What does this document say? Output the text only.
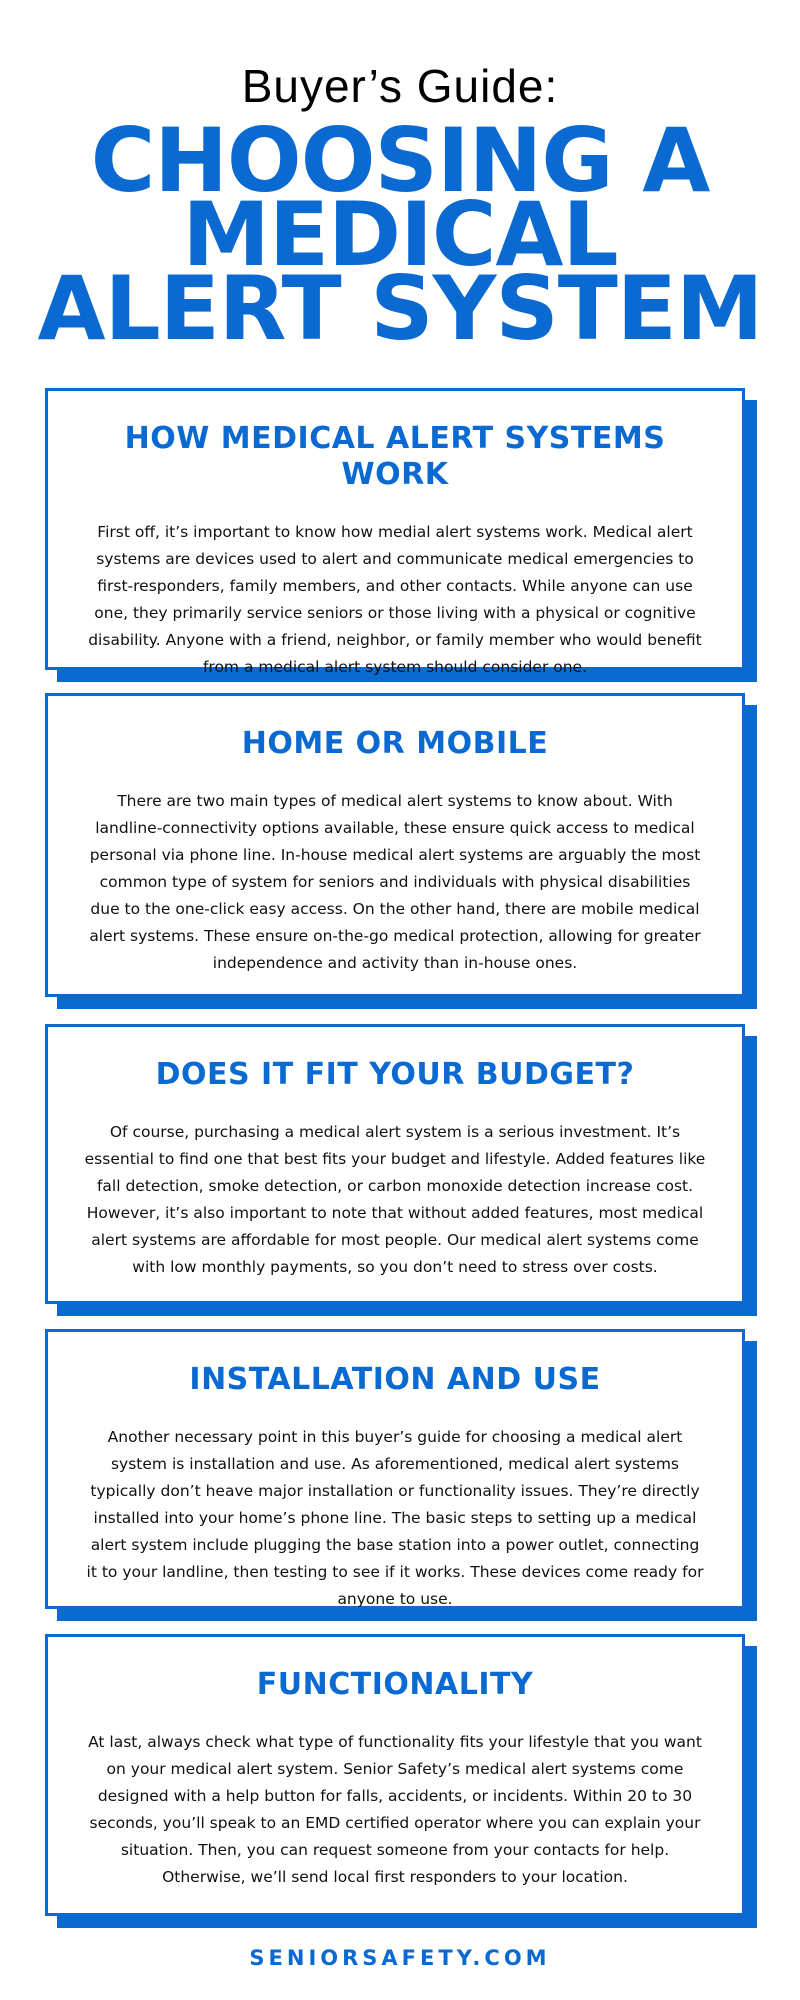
Buyer’s Guide:
CHOOSING A
MEDICAL
ALERT SYSTEM
HOW MEDICAL ALERT SYSTEMS WORK

First off, it’s important to know how medial alert systems work. Medical alert systems are devices used to alert and communicate medical emergencies to first-responders, family members, and other contacts. While anyone can use one, they primarily service seniors or those living with a physical or cognitive disability. Anyone with a friend, neighbor, or family member who would benefit from a medical alert system should consider one.

HOME OR MOBILE

There are two main types of medical alert systems to know about. With landline-connectivity options available, these ensure quick access to medical personal via phone line. In-house medical alert systems are arguably the most common type of system for seniors and individuals with physical disabilities due to the one-click easy access. On the other hand, there are mobile medical alert systems. These ensure on-the-go medical protection, allowing for greater independence and activity than in-house ones.

DOES IT FIT YOUR BUDGET?

Of course, purchasing a medical alert system is a serious investment. It’s essential to find one that best fits your budget and lifestyle. Added features like fall detection, smoke detection, or carbon monoxide detection increase cost. However, it’s also important to note that without added features, most medical alert systems are affordable for most people. Our medical alert systems come with low monthly payments, so you don’t need to stress over costs.

INSTALLATION AND USE

Another necessary point in this buyer’s guide for choosing a medical alert system is installation and use. As aforementioned, medical alert systems typically don’t heave major installation or functionality issues. They’re directly installed into your home’s phone line. The basic steps to setting up a medical alert system include plugging the base station into a power outlet, connecting it to your landline, then testing to see if it works. These devices come ready for anyone to use.

FUNCTIONALITY

At last, always check what type of functionality fits your lifestyle that you want on your medical alert system. Senior Safety’s medical alert systems come designed with a help button for falls, accidents, or incidents. Within 20 to 30 seconds, you’ll speak to an EMD certified operator where you can explain your situation. Then, you can request someone from your contacts for help. Otherwise, we’ll send local first responders to your location.

SENIORSAFETY.COM
